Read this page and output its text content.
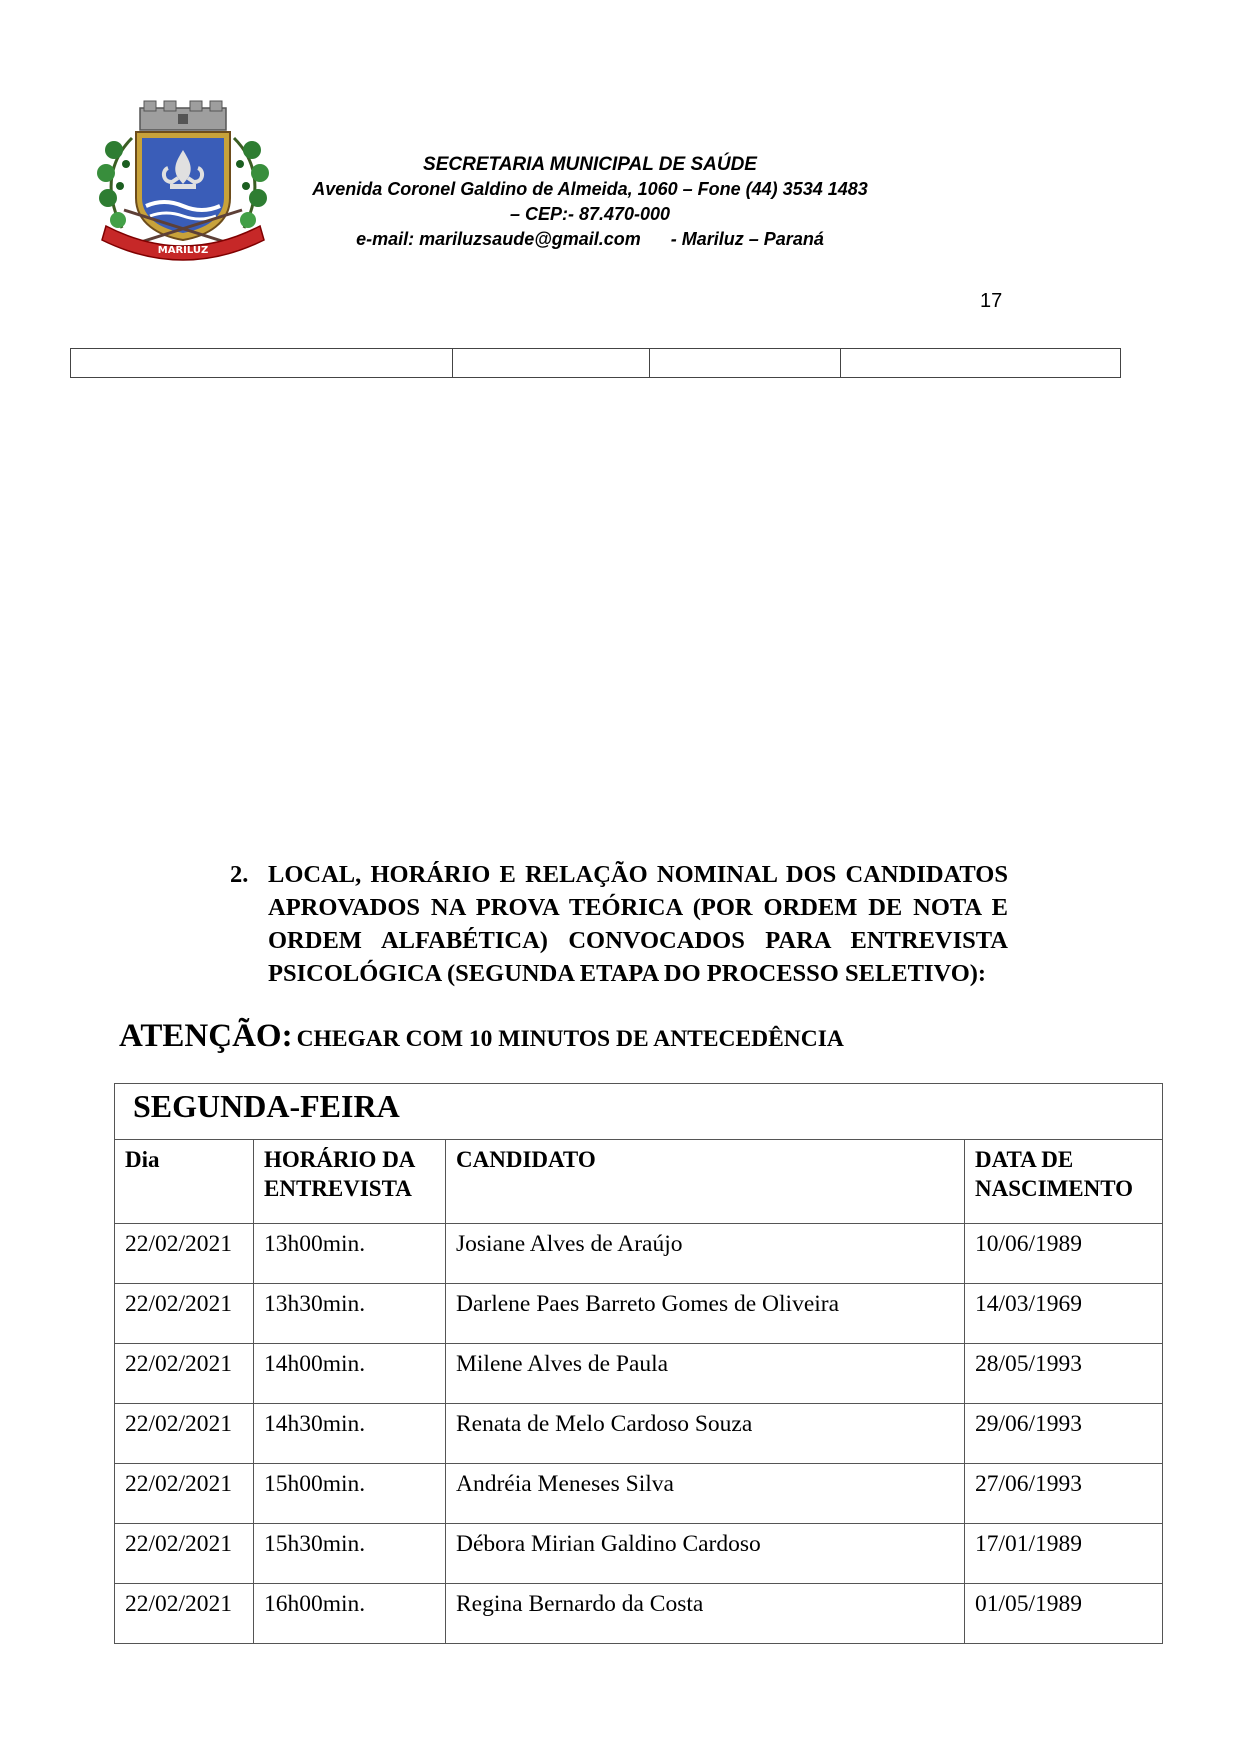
MARILUZ
SECRETARIA MUNICIPAL DE SAÚDE
Avenida Coronel Galdino de Almeida, 1060 – Fone (44) 3534 1483
– CEP:- 87.470-000
e-mail: mariluzsaude@gmail.com      - Mariluz – Paraná
17

2. LOCAL, HORÁRIO E RELAÇÃO NOMINAL DOS CANDIDATOS APROVADOS NA PROVA TEÓRICA (POR ORDEM DE NOTA E ORDEM ALFABÉTICA) CONVOCADOS PARA ENTREVISTA PSICOLÓGICA (SEGUNDA ETAPA DO PROCESSO SELETIVO):
ATENÇÃO: CHEGAR COM 10 MINUTOS DE ANTECEDÊNCIA
SEGUNDA-FEIRA			
Dia	HORÁRIO DA ENTREVISTA	CANDIDATO	DATA DE NASCIMENTO
22/02/2021	13h00min.	Josiane Alves de Araújo	10/06/1989
22/02/2021	13h30min.	Darlene Paes Barreto Gomes de Oliveira	14/03/1969
22/02/2021	14h00min.	Milene Alves de Paula	28/05/1993
22/02/2021	14h30min.	Renata de Melo Cardoso Souza	29/06/1993
22/02/2021	15h00min.	Andréia Meneses Silva	27/06/1993
22/02/2021	15h30min.	Débora Mirian Galdino Cardoso	17/01/1989
22/02/2021	16h00min.	Regina Bernardo da Costa	01/05/1989
